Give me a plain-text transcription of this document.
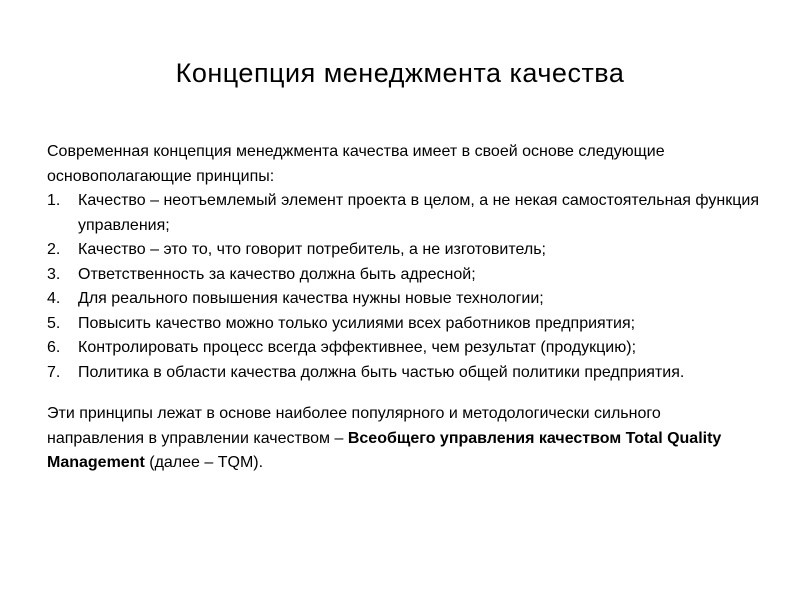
Концепция менеджмента качества

Современная концепция менеджмента качества имеет в своей основе следующие основополагающие принципы:

1.	Качество – неотъемлемый элемент проекта в целом, а не некая самостоятельная функция управления;
2.	Качество – это то, что говорит потребитель, а не изготовитель;
3.	Ответственность за качество должна быть адресной;
4.	Для реального повышения качества нужны новые технологии;
5.	Повысить качество можно только усилиями всех работников предприятия;
6.	Контролировать процесс всегда эффективнее, чем результат (продукцию);
7.	Политика в области качества должна быть частью общей политики предприятия.

Эти принципы лежат в основе наиболее популярного и методологически сильного направления в управлении качеством – Всеобщего управления качеством Total Quality Management (далее – TQM).
